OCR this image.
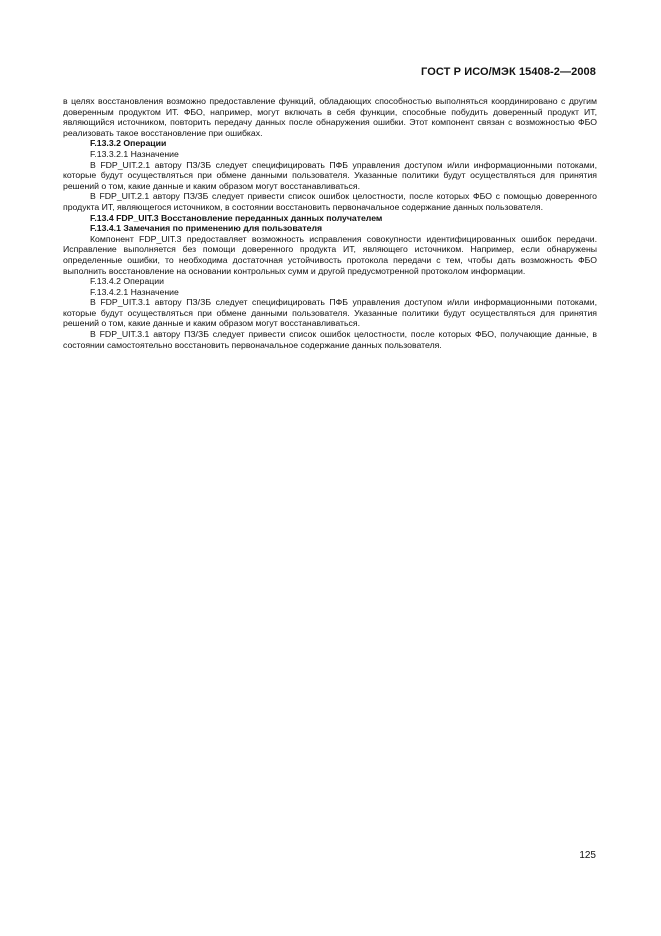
ГОСТ Р ИСО/МЭК 15408-2—2008

в целях восстановления возможно предоставление функций, обладающих способностью выполняться координировано с другим доверенным продуктом ИТ. ФБО, например, могут включать в себя функции, способные побудить доверенный продукт ИТ, являющийся источником, повторить передачу данных после обнаружения ошибки. Этот компонент связан с возможностью ФБО реализовать такое восстановление при ошибках.

F.13.3.2 Операции

F.13.3.2.1 Назначение

В FDP_UIT.2.1 автору ПЗ/ЗБ следует специфицировать ПФБ управления доступом и/или информационными потоками, которые будут осуществляться при обмене данными пользователя. Указанные политики будут осуществляться для принятия решений о том, какие данные и каким образом могут восстанавливаться.

В FDP_UIT.2.1 автору ПЗ/ЗБ следует привести список ошибок целостности, после которых ФБО с помощью доверенного продукта ИТ, являющегося источником, в состоянии восстановить первоначальное содержание данных пользователя.

F.13.4 FDP_UIT.3 Восстановление переданных данных получателем

F.13.4.1 Замечания по применению для пользователя

Компонент FDP_UIT.3 предоставляет возможность исправления совокупности идентифицированных ошибок передачи. Исправление выполняется без помощи доверенного продукта ИТ, являющего источником. Например, если обнаружены определенные ошибки, то необходима достаточная устойчивость протокола передачи с тем, чтобы дать возможность ФБО выполнить восстановление на основании контрольных сумм и другой предусмотренной протоколом информации.

F.13.4.2 Операции

F.13.4.2.1 Назначение

В FDP_UIT.3.1 автору ПЗ/ЗБ следует специфицировать ПФБ управления доступом и/или информационными потоками, которые будут осуществляться при обмене данными пользователя. Указанные политики будут осуществляться для принятия решений о том, какие данные и каким образом могут восстанавливаться.

В FDP_UIT.3.1 автору ПЗ/ЗБ следует привести список ошибок целостности, после которых ФБО, получающие данные, в состоянии самостоятельно восстановить первоначальное содержание данных пользователя.

125
